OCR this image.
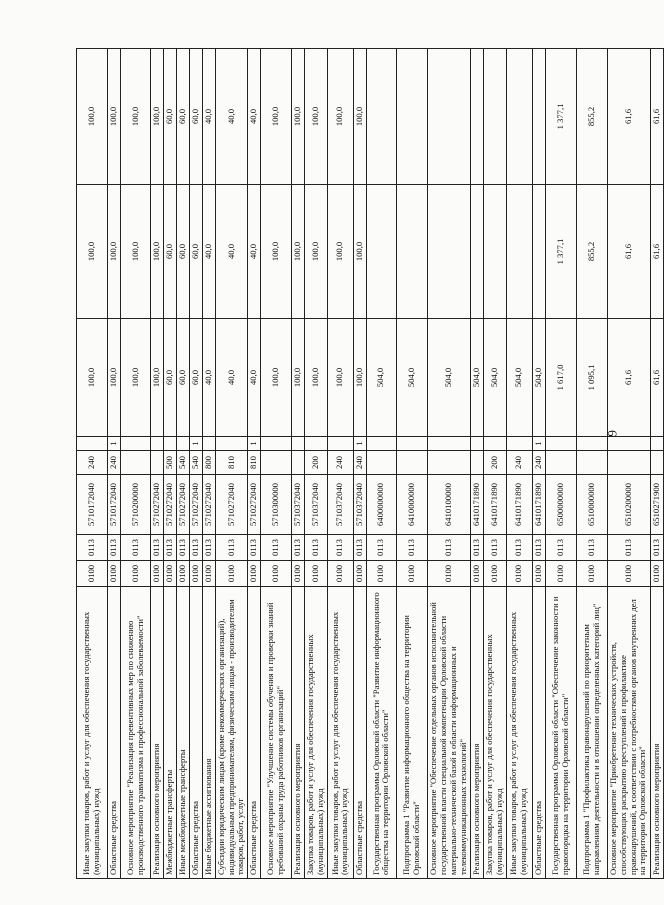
6
Иные закупки товаров, работ и услуг для обеспечения государственных (муниципальных) нужд	0100	0113	5710172040	240		100,0	100,0	100,0
Областные средства	0100	0113	5710172040	240	1	100,0	100,0	100,0
Основное мероприятие "Реализация превентивных мер по снижению производственного травматизма и профессиональной заболеваемости"	0100	0113	5710200000			100,0	100,0	100,0
Реализация основного мероприятия	0100	0113	5710272040			100,0	100,0	100,0
Межбюджетные трансферты	0100	0113	5710272040	500		60,0	60,0	60,0
Иные межбюджетные трансферты	0100	0113	5710272040	540		60,0	60,0	60,0
Областные средства	0100	0113	5710272040	540	1	60,0	60,0	60,0
Иные бюджетные ассигнования	0100	0113	5710272040	800		40,0	40,0	40,0
Субсидии юридическим лицам (кроме некоммерческих организаций), индивидуальным предпринимателям, физическим лицам - производителям товаров, работ, услуг	0100	0113	5710272040	810		40,0	40,0	40,0
Областные средства	0100	0113	5710272040	810	1	40,0	40,0	40,0
Основное мероприятие "Улучшение системы обучения и проверки знаний требований охраны труда работников организаций"	0100	0113	5710300000			100,0	100,0	100,0
Реализация основного мероприятия	0100	0113	5710372040			100,0	100,0	100,0
Закупка товаров, работ и услуг для обеспечения государственных (муниципальных) нужд	0100	0113	5710372040	200		100,0	100,0	100,0
Иные закупки товаров, работ и услуг для обеспечения государственных (муниципальных) нужд	0100	0113	5710372040	240		100,0	100,0	100,0
Областные средства	0100	0113	5710372040	240	1	100,0	100,0	100,0
Государственная программа Орловской области "Развитие информационного общества на территории Орловской области"	0100	0113	6400000000			504,0		
Подпрограмма 1 "Развитие информационного общества на территории Орловской области"	0100	0113	6410000000			504,0		
Основное мероприятие "Обеспечение отдельных органов исполнительной государственной власти специальной компетенции Орловской области материально-технической базой в области информационных и телекоммуникационных технологий"	0100	0113	6410100000			504,0		
Реализация основного мероприятия	0100	0113	6410171890			504,0		
Закупка товаров, работ и услуг для обеспечения государственных (муниципальных) нужд	0100	0113	6410171890	200		504,0		
Иные закупки товаров, работ и услуг для обеспечения государственных (муниципальных) нужд	0100	0113	6410171890	240		504,0		
Областные средства	0100	0113	6410171890	240	1	504,0		
Государственная программа Орловской области "Обеспечение законности и правопорядка на территории Орловской области"	0100	0113	6500000000			1 617,0	1 377,1	1 377,1
Подпрограмма 1 "Профилактика правонарушений по приоритетным направлениям деятельности и в отношении определенных категорий лиц"	0100	0113	6510000000			1 095,1	855,2	855,2
Основное мероприятие "Приобретение технических устройств, способствующих раскрытию преступлений и профилактике правонарушений, в соответствии с потребностями органов внутренних дел на территории Орловской области"	0100	0113	6510200000			61,6	61,6	61,6
Реализация основного мероприятия	0100	0113	6510271900			61,6	61,6	61,6
